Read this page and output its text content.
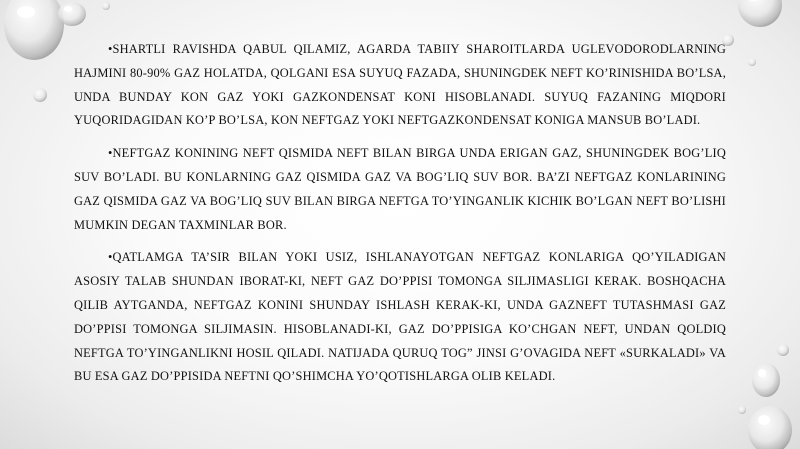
•SHARTLI RAVISHDA QABUL QILAMIZ, AGARDA TABIIY SHAROITLARDA UGLEVODORODLARNING HAJMINI 80-90% GAZ HOLATDA, QOLGANI ESA SUYUQ FAZADA, SHUNINGDEK NEFT KO’RINISHIDA BO’LSA, UNDA BUNDAY KON GAZ YOKI GAZKONDENSAT KONI HISOBLANADI. SUYUQ FAZANING MIQDORI YUQORIDAGIDAN KO’P BO’LSA, KON NEFTGAZ YOKI NEFTGAZKONDENSAT KONIGA MANSUB BO’LADI.

•NEFTGAZ KONINING NEFT QISMIDA NEFT BILAN BIRGA UNDA ERIGAN GAZ, SHUNINGDEK BOG’LIQ SUV BO’LADI. BU KONLARNING GAZ QISMIDA GAZ VA BOG’LIQ SUV BOR. BA’ZI NEFTGAZ KONLARINING GAZ QISMIDA GAZ VA BOG’LIQ SUV BILAN BIRGA NEFTGA TO’YINGANLIK KICHIK BO’LGAN NEFT BO’LISHI MUMKIN DEGAN TAXMINLAR BOR.

•QATLAMGA TA’SIR BILAN YOKI USIZ, ISHLANAYOTGAN NEFTGAZ KONLARIGA QO’YILADIGAN ASOSIY TALAB SHUNDAN IBORAT-KI, NEFT GAZ DO’PPISI TOMONGA SILJIMASLIGI KERAK. BOSHQACHA QILIB AYTGANDA, NEFTGAZ KONINI SHUNDAY ISHLASH KERAK-KI, UNDA GAZNEFT TUTASHMASI GAZ DO’PPISI TOMONGA SILJIMASIN. HISOBLANADI-KI, GAZ DO’PPISIGA KO’CHGAN NEFT, UNDAN QOLDIQ NEFTGA TO’YINGANLIKNI HOSIL QILADI. NATIJADA QURUQ TOG” JINSI G’OVAGIDA NEFT «SURKALADI» VA BU ESA GAZ DO’PPISIDA NEFTNI QO’SHIMCHA YO’QOTISHLARGA OLIB KELADI.
